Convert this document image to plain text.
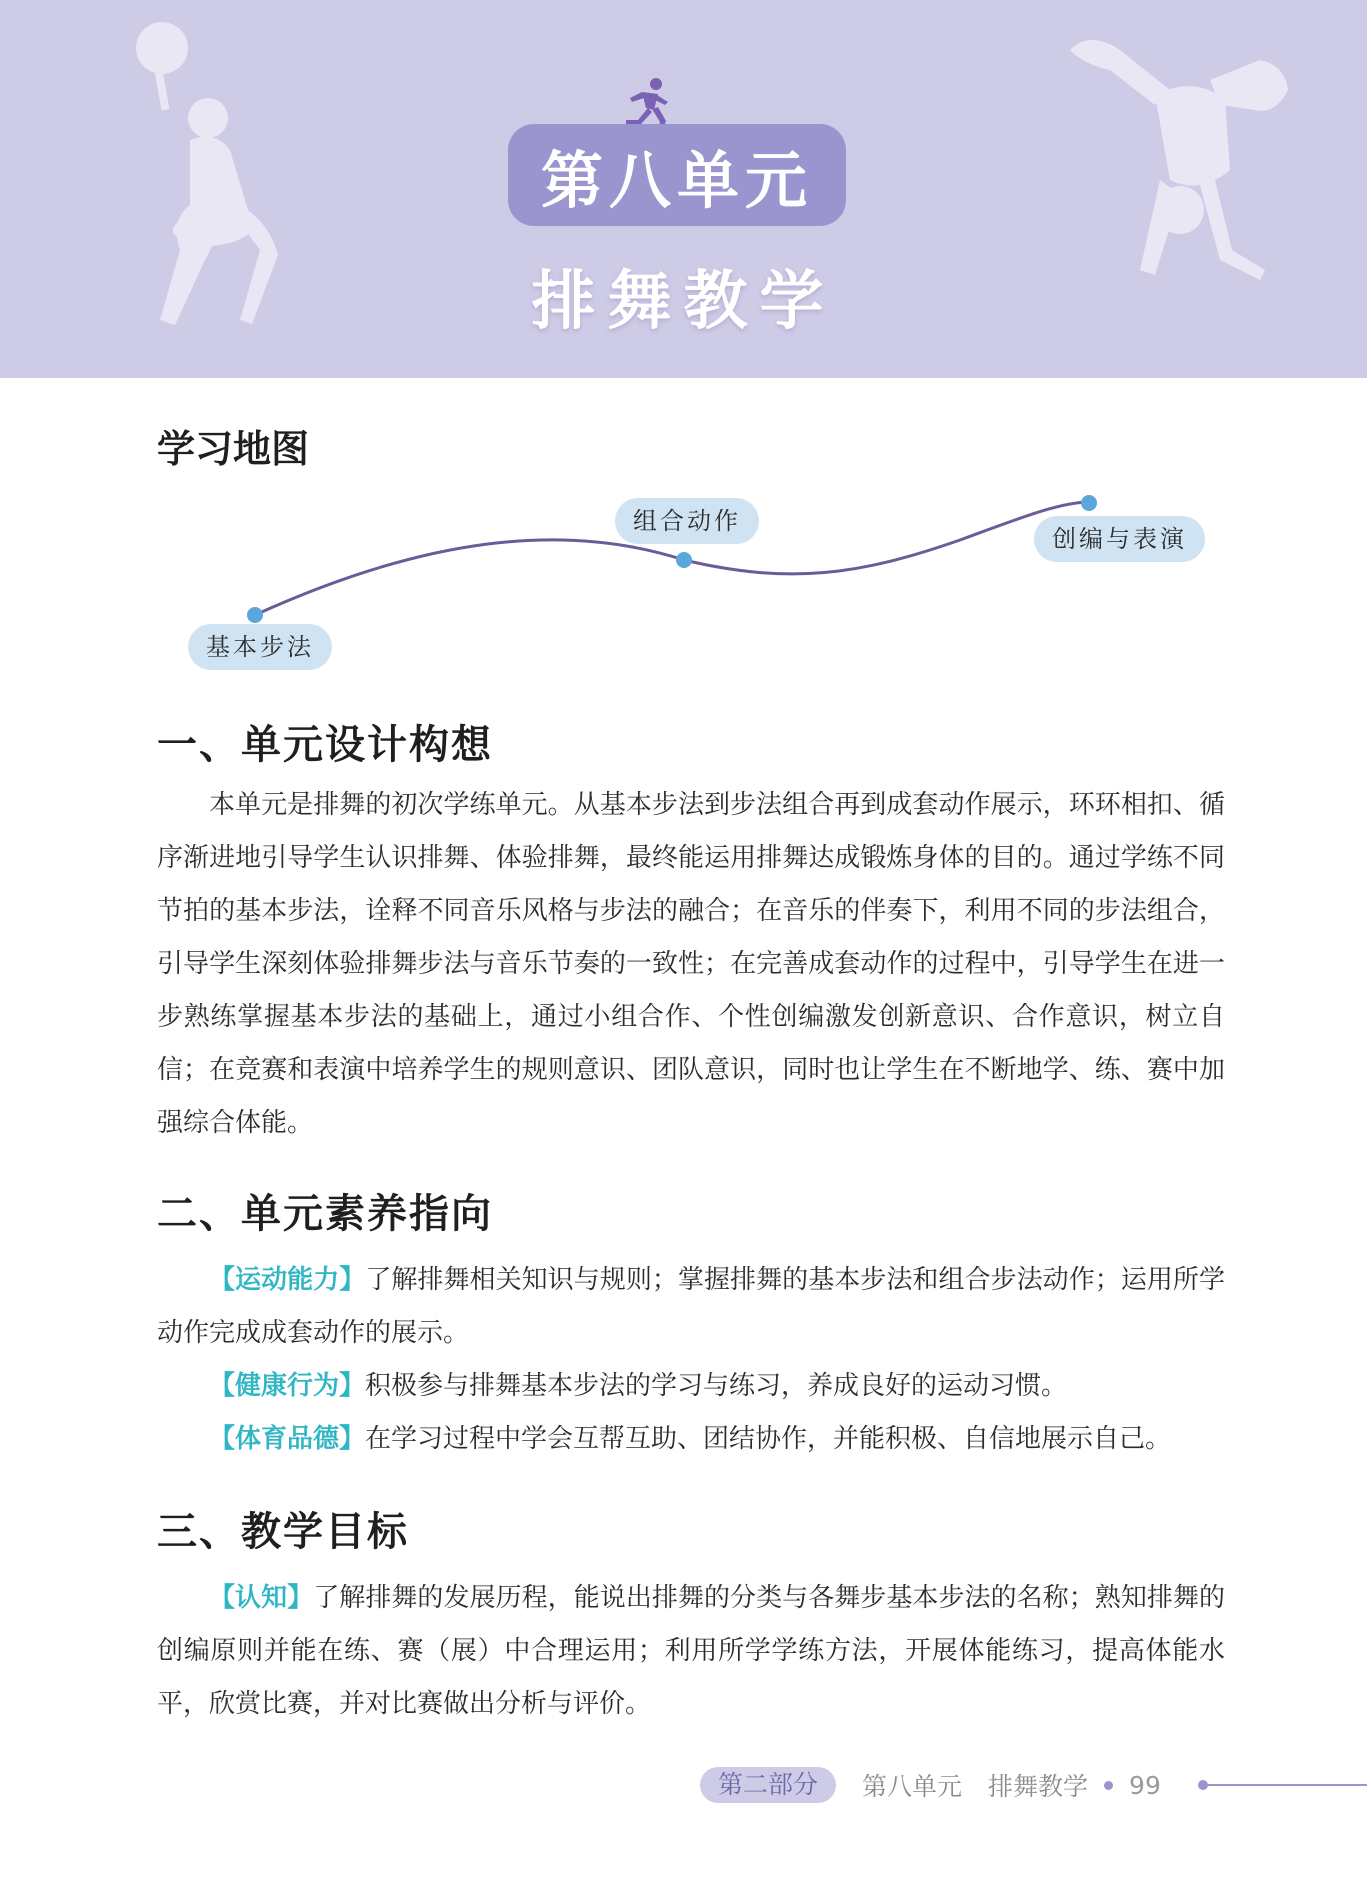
第八单元
排舞教学
学习地图
基本步法
组合动作
创编与表演
一、单元设计构想

本单元是排舞的初次学练单元。从基本步法到步法组合再到成套动作展示，环环相扣、循序渐进地引导学生认识排舞、体验排舞，最终能运用排舞达成锻炼身体的目的。通过学练不同节拍的基本步法，诠释不同音乐风格与步法的融合；在音乐的伴奏下，利用不同的步法组合，引导学生深刻体验排舞步法与音乐节奏的一致性；在完善成套动作的过程中，引导学生在进一步熟练掌握基本步法的基础上，通过小组合作、个性创编激发创新意识、合作意识，树立自信；在竞赛和表演中培养学生的规则意识、团队意识，同时也让学生在不断地学、练、赛中加强综合体能。

二、单元素养指向

【运动能力】了解排舞相关知识与规则；掌握排舞的基本步法和组合步法动作；运用所学动作完成成套动作的展示。

【健康行为】积极参与排舞基本步法的学习与练习，养成良好的运动习惯。

【体育品德】在学习过程中学会互帮互助、团结协作，并能积极、自信地展示自己。

三、教学目标

【认知】了解排舞的发展历程，能说出排舞的分类与各舞步基本步法的名称；熟知排舞的创编原则并能在练、赛（展）中合理运用；利用所学学练方法，开展体能练习，提高体能水平，欣赏比赛，并对比赛做出分析与评价。

第二部分	第八单元 排舞教学 99
